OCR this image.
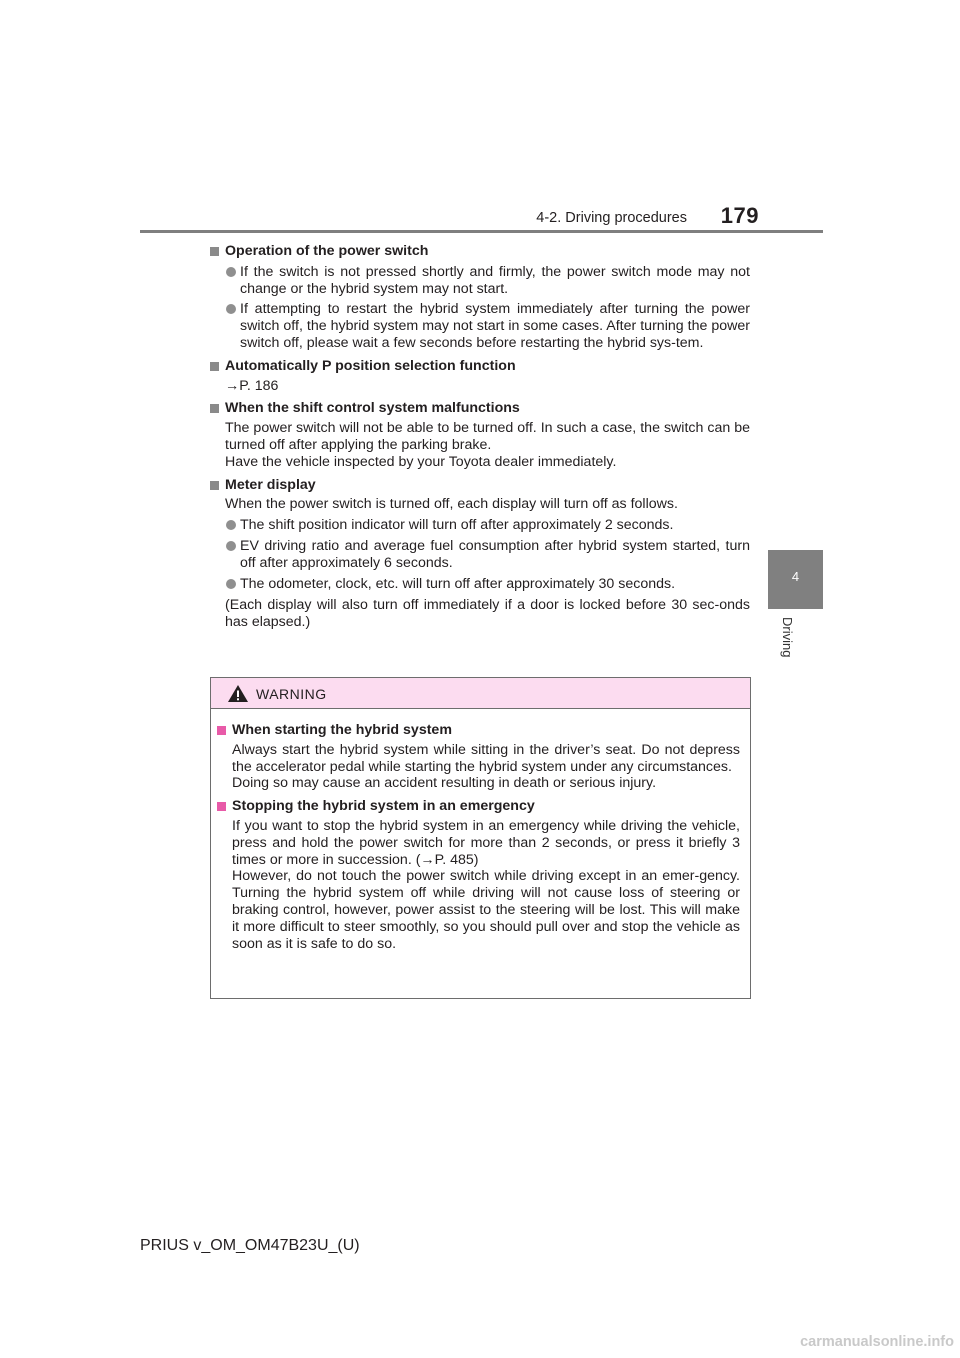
4-2. Driving procedures 179
4
Driving
Operation of the power switch
If the switch is not pressed shortly and firmly, the power switch mode may not change or the hybrid system may not start.
If attempting to restart the hybrid system immediately after turning the power switch off, the hybrid system may not start in some cases. After turning the power switch off, please wait a few seconds before restarting the hybrid sys-tem.
Automatically P position selection function
→P. 186
When the shift control system malfunctions
The power switch will not be able to be turned off. In such a case, the switch can be turned off after applying the parking brake.
Have the vehicle inspected by your Toyota dealer immediately.
Meter display
When the power switch is turned off, each display will turn off as follows.
The shift position indicator will turn off after approximately 2 seconds.
EV driving ratio and average fuel consumption after hybrid system started, turn off after approximately 6 seconds.
The odometer, clock, etc. will turn off after approximately 30 seconds.
(Each display will also turn off immediately if a door is locked before 30 sec-onds has elapsed.)
WARNING
When starting the hybrid system
Always start the hybrid system while sitting in the driver’s seat. Do not depress the accelerator pedal while starting the hybrid system under any circumstances.
Doing so may cause an accident resulting in death or serious injury.
Stopping the hybrid system in an emergency
If you want to stop the hybrid system in an emergency while driving the vehicle, press and hold the power switch for more than 2 seconds, or press it briefly 3 times or more in succession. (→P. 485)
However, do not touch the power switch while driving except in an emer-gency. Turning the hybrid system off while driving will not cause loss of steering or braking control, however, power assist to the steering will be lost. This will make it more difficult to steer smoothly, so you should pull over and stop the vehicle as soon as it is safe to do so.
PRIUS v_OM_OM47B23U_(U)
carmanualsonline.info
